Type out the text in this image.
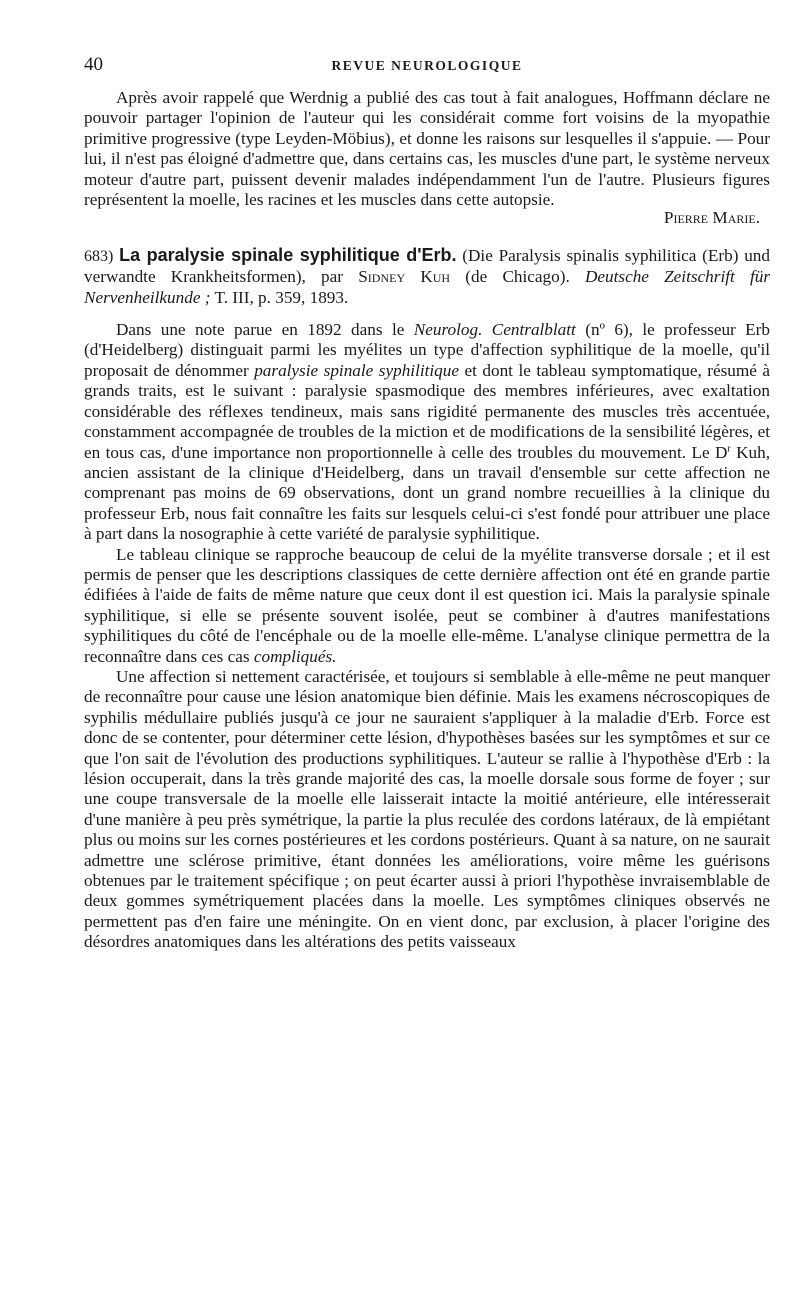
40	REVUE NEUROLOGIQUE

Après avoir rappelé que Werdnig a publié des cas tout à fait analogues, Hoffmann déclare ne pouvoir partager l'opinion de l'auteur qui les considérait comme fort voisins de la myopathie primitive progressive (type Leyden-Möbius), et donne les raisons sur lesquelles il s'appuie. — Pour lui, il n'est pas éloigné d'admettre que, dans certains cas, les muscles d'une part, le système nerveux moteur d'autre part, puissent devenir malades indépendamment l'un de l'autre. Plusieurs figures représentent la moelle, les racines et les muscles dans cette autopsie.

Pierre Marie.

683) La paralysie spinale syphilitique d'Erb. (Die Paralysis spinalis syphilitica (Erb) und verwandte Krankheitsformen), par Sidney Kuh (de Chicago). Deutsche Zeitschrift für Nervenheilkunde ; T. III, p. 359, 1893.

Dans une note parue en 1892 dans le Neurolog. Centralblatt (nº 6), le professeur Erb (d'Heidelberg) distinguait parmi les myélites un type d'affection syphilitique de la moelle, qu'il proposait de dénommer paralysie spinale syphilitique et dont le tableau symptomatique, résumé à grands traits, est le suivant : paralysie spasmodique des membres inférieures, avec exaltation considérable des réflexes tendineux, mais sans rigidité permanente des muscles très accentuée, constamment accompagnée de troubles de la miction et de modifications de la sensibilité légères, et en tous cas, d'une importance non proportionnelle à celle des troubles du mouvement. Le $D^r$ Kuh, ancien assistant de la clinique d'Heidelberg, dans un travail d'ensemble sur cette affection ne comprenant pas moins de 69 observations, dont un grand nombre recueillies à la clinique du professeur Erb, nous fait connaître les faits sur lesquels celui-ci s'est fondé pour attribuer une place à part dans la nosographie à cette variété de paralysie syphilitique.

Le tableau clinique se rapproche beaucoup de celui de la myélite transverse dorsale ; et il est permis de penser que les descriptions classiques de cette dernière affection ont été en grande partie édifiées à l'aide de faits de même nature que ceux dont il est question ici. Mais la paralysie spinale syphilitique, si elle se présente souvent isolée, peut se combiner à d'autres manifestations syphilitiques du côté de l'encéphale ou de la moelle elle-même. L'analyse clinique permettra de la reconnaître dans ces cas compliqués.

Une affection si nettement caractérisée, et toujours si semblable à elle-même ne peut manquer de reconnaître pour cause une lésion anatomique bien définie. Mais les examens nécroscopiques de syphilis médullaire publiés jusqu'à ce jour ne sauraient s'appliquer à la maladie d'Erb. Force est donc de se contenter, pour déterminer cette lésion, d'hypothèses basées sur les symptômes et sur ce que l'on sait de l'évolution des productions syphilitiques. L'auteur se rallie à l'hypothèse d'Erb : la lésion occuperait, dans la très grande majorité des cas, la moelle dorsale sous forme de foyer ; sur une coupe transversale de la moelle elle laisserait intacte la moitié antérieure, elle intéresserait d'une manière à peu près symétrique, la partie la plus reculée des cordons latéraux, de là empiétant plus ou moins sur les cornes postérieures et les cordons postérieurs. Quant à sa nature, on ne saurait admettre une sclérose primitive, étant données les améliorations, voire même les guérisons obtenues par le traitement spécifique ; on peut écarter aussi à priori l'hypothèse invraisemblable de deux gommes symétriquement placées dans la moelle. Les symptômes cliniques observés ne permettent pas d'en faire une méningite. On en vient donc, par exclusion, à placer l'origine des désordres anatomiques dans les altérations des petits vaisseaux
